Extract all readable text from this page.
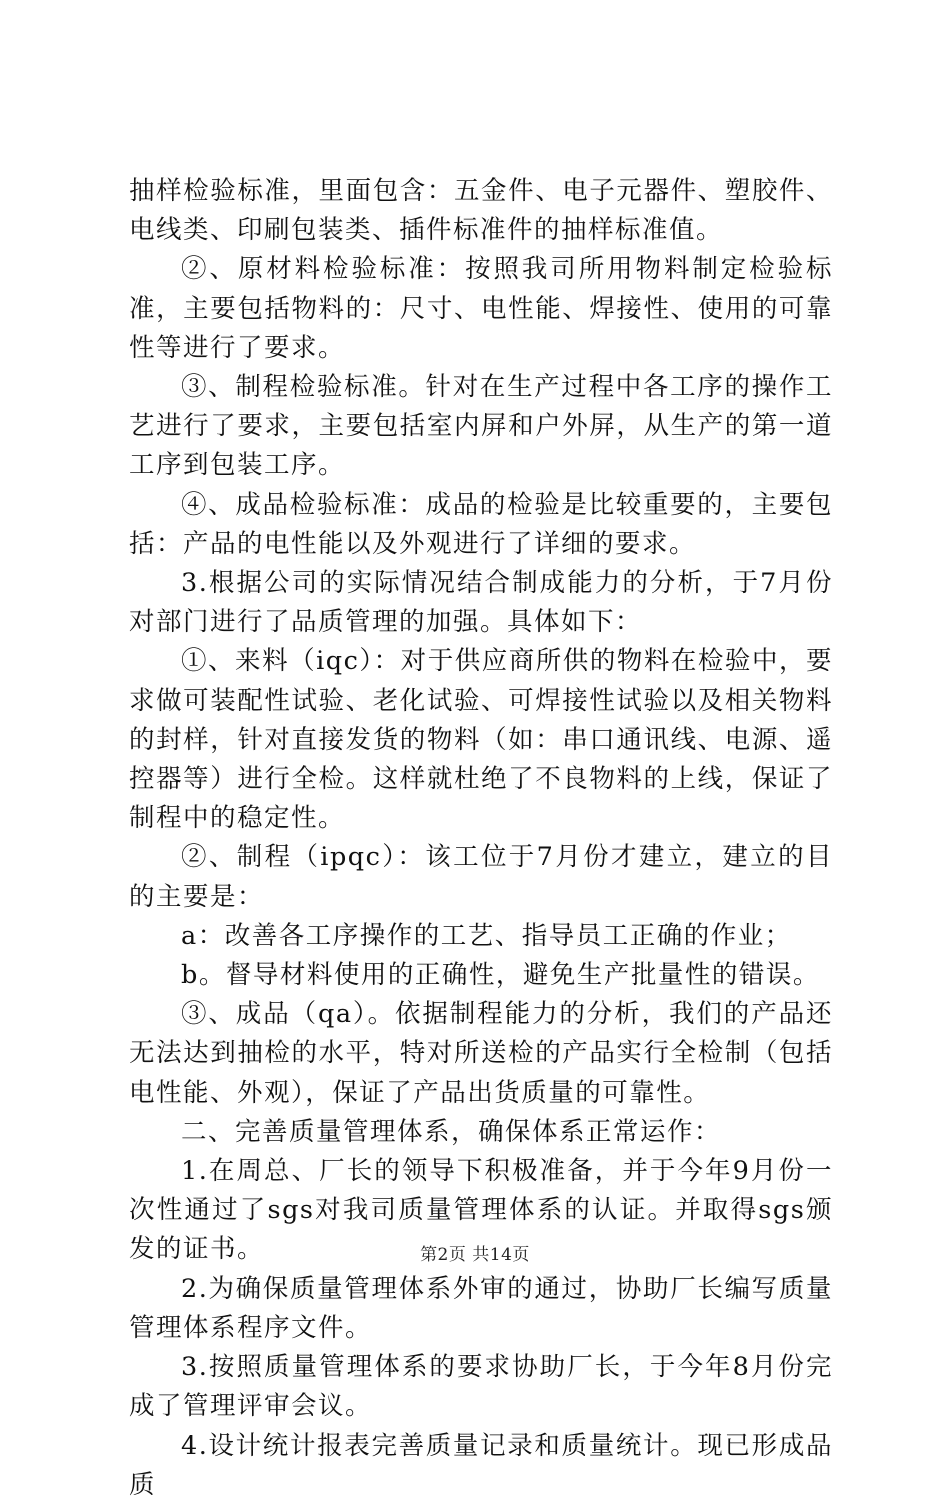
抽样检验标准，里面包含：五金件、电子元器件、塑胶件、电线类、印刷包装类、插件标准件的抽样标准值。

②、原材料检验标准：按照我司所用物料制定检验标准，主要包括物料的：尺寸、电性能、焊接性、使用的可靠性等进行了要求。

③、制程检验标准。针对在生产过程中各工序的操作工艺进行了要求，主要包括室内屏和户外屏，从生产的第一道工序到包装工序。

④、成品检验标准：成品的检验是比较重要的，主要包括：产品的电性能以及外观进行了详细的要求。

3.根据公司的实际情况结合制成能力的分析，于7月份对部门进行了品质管理的加强。具体如下：

①、来料（iqc）：对于供应商所供的物料在检验中，要求做可装配性试验、老化试验、可焊接性试验以及相关物料的封样，针对直接发货的物料（如：串口通讯线、电源、遥控器等）进行全检。这样就杜绝了不良物料的上线，保证了制程中的稳定性。

②、制程（ipqc）：该工位于7月份才建立，建立的目的主要是：

a：改善各工序操作的工艺、指导员工正确的作业；

b。督导材料使用的正确性，避免生产批量性的错误。

③、成品（qa）。依据制程能力的分析，我们的产品还无法达到抽检的水平，特对所送检的产品实行全检制（包括电性能、外观），保证了产品出货质量的可靠性。

二、完善质量管理体系，确保体系正常运作：

1.在周总、厂长的领导下积极准备，并于今年9月份一次性通过了sgs对我司质量管理体系的认证。并取得sgs颁发的证书。

2.为确保质量管理体系外审的通过，协助厂长编写质量管理体系程序文件。

3.按照质量管理体系的要求协助厂长，于今年8月份完成了管理评审会议。

4.设计统计报表完善质量记录和质量统计。现已形成品质

第2页 共14页
